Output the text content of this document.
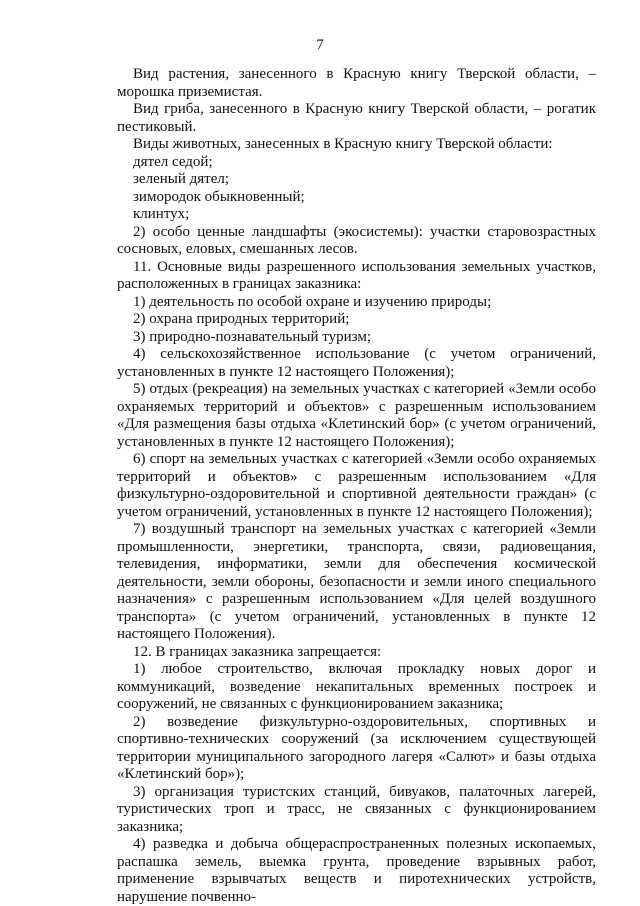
7

Вид растения, занесенного в Красную книгу Тверской области, – морошка приземистая.

Вид гриба, занесенного в Красную книгу Тверской области, – рогатик пестиковый.

Виды животных, занесенных в Красную книгу Тверской области:

дятел седой;

зеленый дятел;

зимородок обыкновенный;

клинтух;

2) особо ценные ландшафты (экосистемы): участки старовозрастных сосновых, еловых, смешанных лесов.

11. Основные виды разрешенного использования земельных участков, расположенных в границах заказника:

1) деятельность по особой охране и изучению природы;

2) охрана природных территорий;

3) природно-познавательный туризм;

4) сельскохозяйственное использование (с учетом ограничений, установленных в пункте 12 настоящего Положения);

5) отдых (рекреация) на земельных участках с категорией «Земли особо охраняемых территорий и объектов» с разрешенным использованием «Для размещения базы отдыха «Клетинский бор» (с учетом ограничений, установленных в пункте 12 настоящего Положения);

6) спорт на земельных участках с категорией «Земли особо охраняемых территорий и объектов» с разрешенным использованием «Для физкультурно-оздоровительной и спортивной деятельности граждан» (с учетом ограничений, установленных в пункте 12 настоящего Положения);

7) воздушный транспорт на земельных участках с категорией «Земли промышленности, энергетики, транспорта, связи, радиовещания, телевидения, информатики, земли для обеспечения космической деятельности, земли обороны, безопасности и земли иного специального назначения» с разрешенным использованием «Для целей воздушного транспорта» (с учетом ограничений, установленных в пункте 12 настоящего Положения).

12. В границах заказника запрещается:

1) любое строительство, включая прокладку новых дорог и коммуникаций, возведение некапитальных временных построек и сооружений, не связанных с функционированием заказника;

2) возведение физкультурно-оздоровительных, спортивных и спортивно-технических сооружений (за исключением существующей территории муниципального загородного лагеря «Салют» и базы отдыха «Клетинский бор»);

3) организация туристских станций, бивуаков, палаточных лагерей, туристических троп и трасс, не связанных с функционированием заказника;

4) разведка и добыча общераспространенных полезных ископаемых, распашка земель, выемка грунта, проведение взрывных работ, применение взрывчатых веществ и пиротехнических устройств, нарушение почвенно-
